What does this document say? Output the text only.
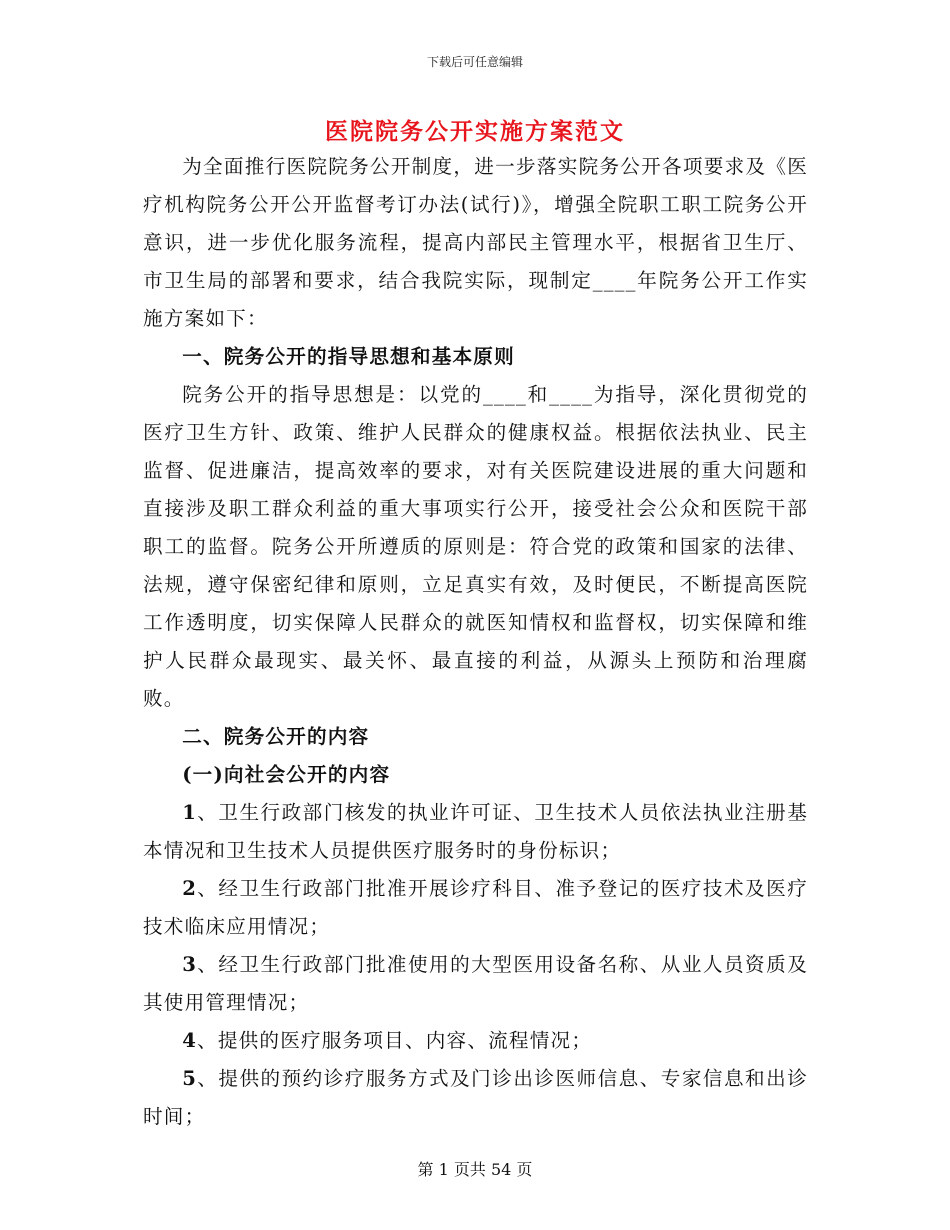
下载后可任意编辑
医院院务公开实施方案范文

为全面推行医院院务公开制度，进一步落实院务公开各项要求及《医疗机构院务公开公开监督考订办法(试行)》，增强全院职工职工院务公开意识，进一步优化服务流程，提高内部民主管理水平，根据省卫生厅、市卫生局的部署和要求，结合我院实际，现制定____年院务公开工作实施方案如下：

一、院务公开的指导思想和基本原则

院务公开的指导思想是：以党的____和____为指导，深化贯彻党的医疗卫生方针、政策、维护人民群众的健康权益。根据依法执业、民主监督、促进廉洁，提高效率的要求，对有关医院建设进展的重大问题和直接涉及职工群众利益的重大事项实行公开，接受社会公众和医院干部职工的监督。院务公开所遵质的原则是：符合党的政策和国家的法律、法规，遵守保密纪律和原则，立足真实有效，及时便民，不断提高医院工作透明度，切实保障人民群众的就医知情权和监督权，切实保障和维护人民群众最现实、最关怀、最直接的利益，从源头上预防和治理腐败。

二、院务公开的内容

(一)向社会公开的内容

1、卫生行政部门核发的执业许可证、卫生技术人员依法执业注册基本情况和卫生技术人员提供医疗服务时的身份标识；

2、经卫生行政部门批准开展诊疗科目、准予登记的医疗技术及医疗技术临床应用情况；

3、经卫生行政部门批准使用的大型医用设备名称、从业人员资质及其使用管理情况；

4、提供的医疗服务项目、内容、流程情况；

5、提供的预约诊疗服务方式及门诊出诊医师信息、专家信息和出诊时间；

第 1 页共 54 页
